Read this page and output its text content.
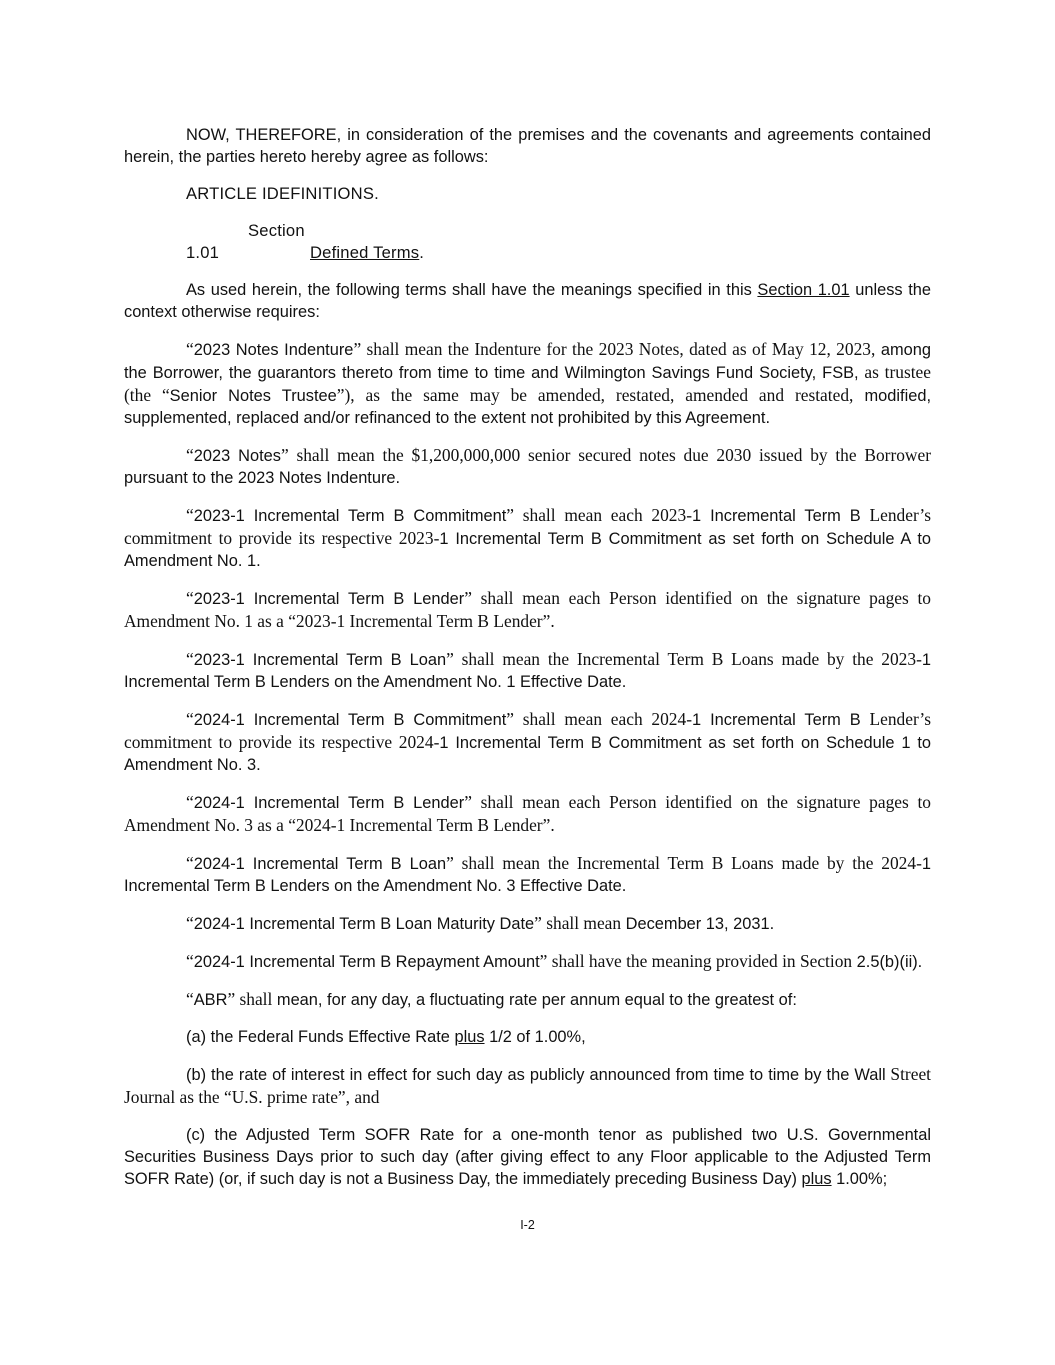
NOW, THEREFORE, in consideration of the premises and the covenants and agreements contained herein, the parties hereto hereby agree as follows:

ARTICLE IDEFINITIONS.

Section 1.01	Defined Terms.

As used herein, the following terms shall have the meanings specified in this Section 1.01 unless the context otherwise requires:

“2023 Notes Indenture” shall mean the Indenture for the 2023 Notes, dated as of May 12, 2023, among the Borrower, the guarantors thereto from time to time and Wilmington Savings Fund Society, FSB, as trustee (the “Senior Notes Trustee”), as the same may be amended, restated, amended and restated, modified, supplemented, replaced and/or refinanced to the extent not prohibited by this Agreement.

“2023 Notes” shall mean the $1,200,000,000 senior secured notes due 2030 issued by the Borrower pursuant to the 2023 Notes Indenture.

“2023-1 Incremental Term B Commitment” shall mean each 2023-1 Incremental Term B Lender’s commitment to provide its respective 2023-1 Incremental Term B Commitment as set forth on Schedule A to Amendment No. 1.

“2023-1 Incremental Term B Lender” shall mean each Person identified on the signature pages to Amendment No. 1 as a “2023-1 Incremental Term B Lender”.

“2023-1 Incremental Term B Loan” shall mean the Incremental Term B Loans made by the 2023-1 Incremental Term B Lenders on the Amendment No. 1 Effective Date.

“2024-1 Incremental Term B Commitment” shall mean each 2024-1 Incremental Term B Lender’s commitment to provide its respective 2024-1 Incremental Term B Commitment as set forth on Schedule 1 to Amendment No. 3.

“2024-1 Incremental Term B Lender” shall mean each Person identified on the signature pages to Amendment No. 3 as a “2024-1 Incremental Term B Lender”.

“2024-1 Incremental Term B Loan” shall mean the Incremental Term B Loans made by the 2024-1 Incremental Term B Lenders on the Amendment No. 3 Effective Date.

“2024-1 Incremental Term B Loan Maturity Date” shall mean December 13, 2031.

“2024-1 Incremental Term B Repayment Amount” shall have the meaning provided in Section 2.5(b)(ii).

“ABR” shall mean, for any day, a fluctuating rate per annum equal to the greatest of:

(a) the Federal Funds Effective Rate plus 1/2 of 1.00%,

(b) the rate of interest in effect for such day as publicly announced from time to time by the Wall Street Journal as the “U.S. prime rate”, and

(c) the Adjusted Term SOFR Rate for a one-month tenor as published two U.S. Governmental Securities Business Days prior to such day (after giving effect to any Floor applicable to the Adjusted Term SOFR Rate) (or, if such day is not a Business Day, the immediately preceding Business Day) plus 1.00%;

I-2
